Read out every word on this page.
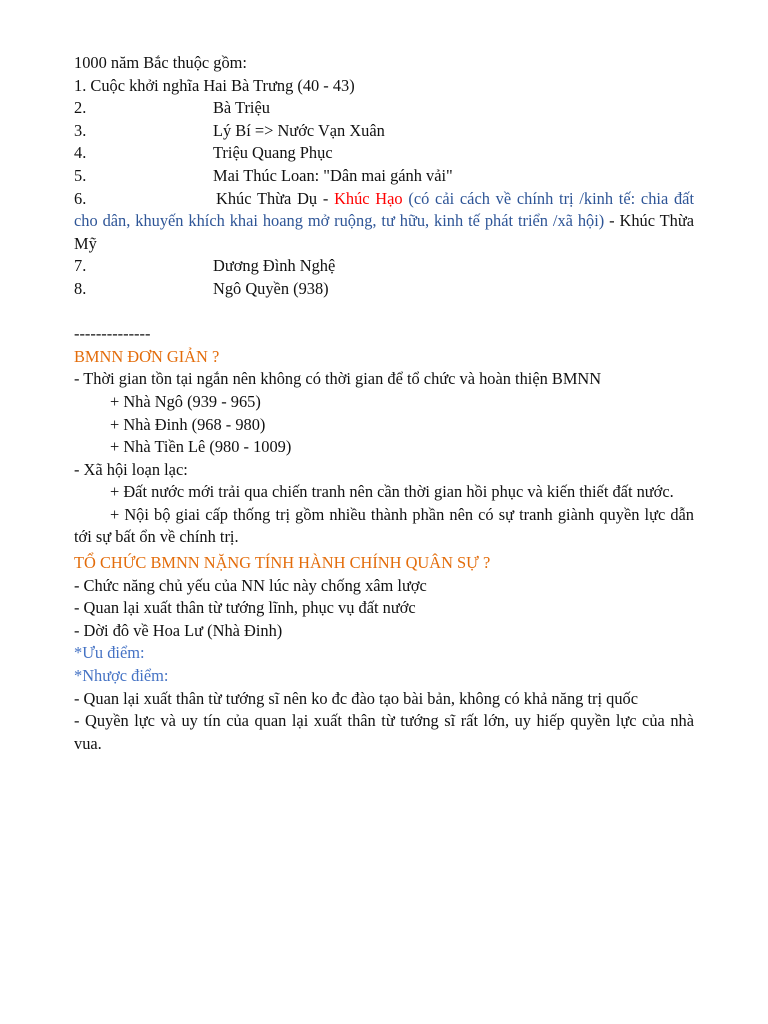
1000 năm Bắc thuộc gồm:
1. Cuộc khởi nghĩa Hai Bà Trưng (40 - 43)
2.	Bà Triệu
3.	Lý Bí => Nước Vạn Xuân
4.	Triệu Quang Phục
5.	Mai Thúc Loan: "Dân mai gánh vải"
6.	Khúc Thừa Dụ - Khúc Hạo (có cải cách về chính trị /kinh tế: chia đất cho dân, khuyến khích khai hoang mở ruộng, tư hữu, kinh tế phát triển /xã hội) - Khúc Thừa Mỹ
7.	Dương Đình Nghệ
8.	Ngô Quyền (938)
--------------
BMNN ĐƠN GIẢN ?
- Thời gian tồn tại ngắn nên không có thời gian để tổ chức và hoàn thiện BMNN
+ Nhà Ngô (939 - 965)
+ Nhà Đinh (968 - 980)
+ Nhà Tiền Lê (980 - 1009)
- Xã hội loạn lạc:
+ Đất nước mới trải qua chiến tranh nên cần thời gian hồi phục và kiến thiết đất nước.
+ Nội bộ giai cấp thống trị gồm nhiều thành phần nên có sự tranh giành quyền lực dẫn tới sự bất ổn về chính trị.
TỔ CHỨC BMNN NẶNG TÍNH HÀNH CHÍNH QUÂN SỰ ?
- Chức năng chủ yếu của NN lúc này chống xâm lược
- Quan lại xuất thân từ tướng lĩnh, phục vụ đất nước
- Dời đô về Hoa Lư (Nhà Đinh)
*Ưu điểm:
*Nhược điểm:
- Quan lại xuất thân từ tướng sĩ nên ko đc đào tạo bài bản, không có khả năng trị quốc
- Quyền lực và uy tín của quan lại xuất thân từ tướng sĩ rất lớn, uy hiếp quyền lực của nhà vua.
